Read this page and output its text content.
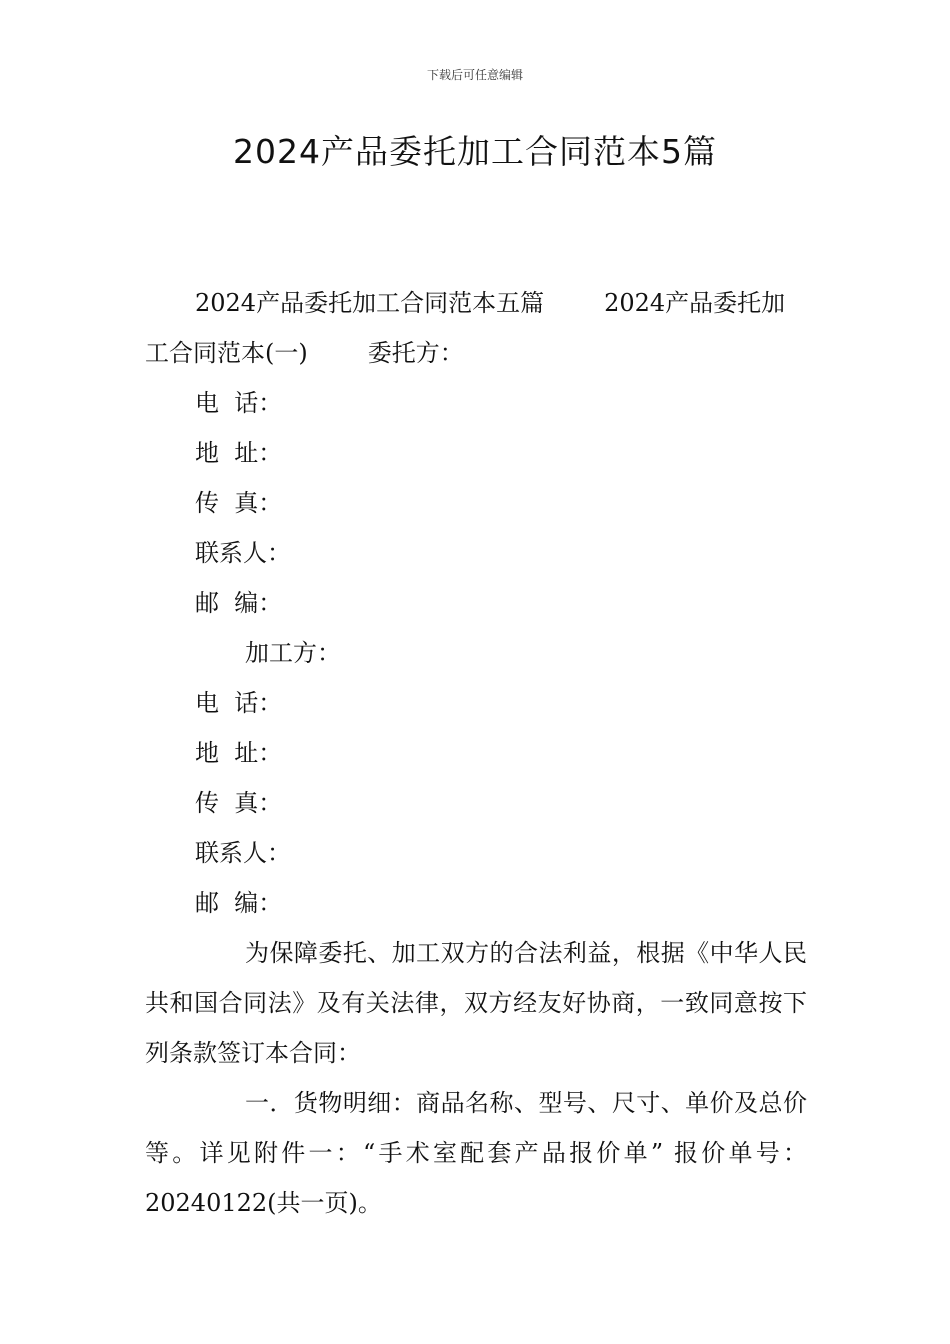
下载后可任意编辑
2024产品委托加工合同范本5篇

2024产品委托加工合同范本五篇	2024产品委托加工合同范本(一)	委托方：

电  话：

地  址：

传  真：

联系人：

邮  编：

加工方：

电  话：

地  址：

传  真：

联系人：

邮  编：

为保障委托、加工双方的合法利益，根据《中华人民共和国合同法》及有关法律，双方经友好协商，一致同意按下列条款签订本合同：

一．货物明细：商品名称、型号、尺寸、单价及总价等。详见附件一：“手术室配套产品报价单” 报价单号：20240122(共一页)。
